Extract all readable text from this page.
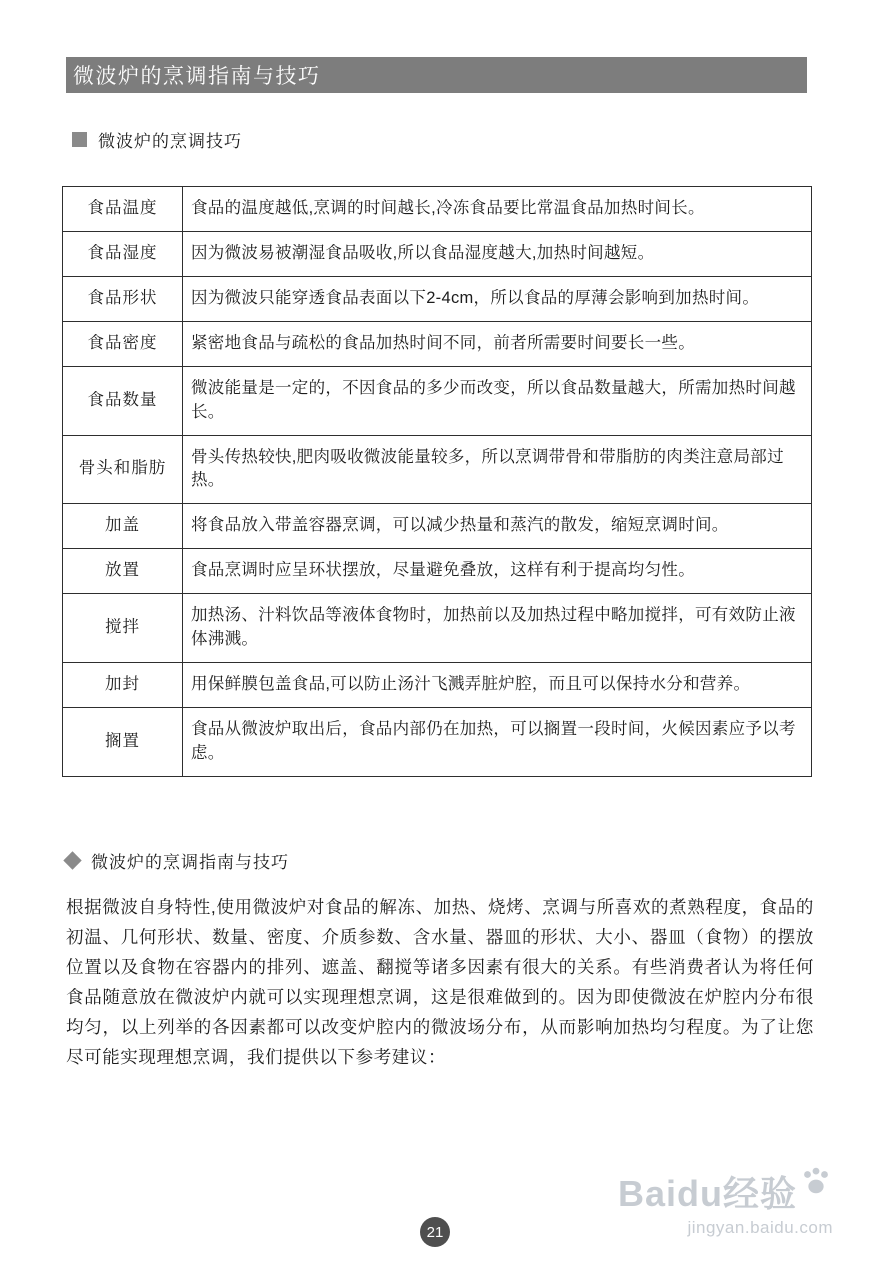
微波炉的烹调指南与技巧
微波炉的烹调技巧
食品温度	食品的温度越低,烹调的时间越长,冷冻食品要比常温食品加热时间长。
食品湿度	因为微波易被潮湿食品吸收,所以食品湿度越大,加热时间越短。
食品形状	因为微波只能穿透食品表面以下2-4cm，所以食品的厚薄会影响到加热时间。
食品密度	紧密地食品与疏松的食品加热时间不同，前者所需要时间要长一些。
食品数量	微波能量是一定的，不因食品的多少而改变，所以食品数量越大，所需加热时间越长。
骨头和脂肪	骨头传热较快,肥肉吸收微波能量较多，所以烹调带骨和带脂肪的肉类注意局部过热。
加盖	将食品放入带盖容器烹调，可以减少热量和蒸汽的散发，缩短烹调时间。
放置	食品烹调时应呈环状摆放，尽量避免叠放，这样有利于提高均匀性。
搅拌	加热汤、汁料饮品等液体食物时，加热前以及加热过程中略加搅拌，可有效防止液体沸溅。
加封	用保鲜膜包盖食品,可以防止汤汁飞溅弄脏炉腔，而且可以保持水分和营养。
搁置	食品从微波炉取出后，食品内部仍在加热，可以搁置一段时间，火候因素应予以考虑。
微波炉的烹调指南与技巧
根据微波自身特性,使用微波炉对食品的解冻、加热、烧烤、烹调与所喜欢的煮熟程度，食品的初温、几何形状、数量、密度、介质参数、含水量、器皿的形状、大小、器皿（食物）的摆放位置以及食物在容器内的排列、遮盖、翻搅等诸多因素有很大的关系。有些消费者认为将任何食品随意放在微波炉内就可以实现理想烹调，这是很难做到的。因为即使微波在炉腔内分布很均匀，以上列举的各因素都可以改变炉腔内的微波场分布，从而影响加热均匀程度。为了让您尽可能实现理想烹调，我们提供以下参考建议：
21
Baidu经验
jingyan.baidu.com
